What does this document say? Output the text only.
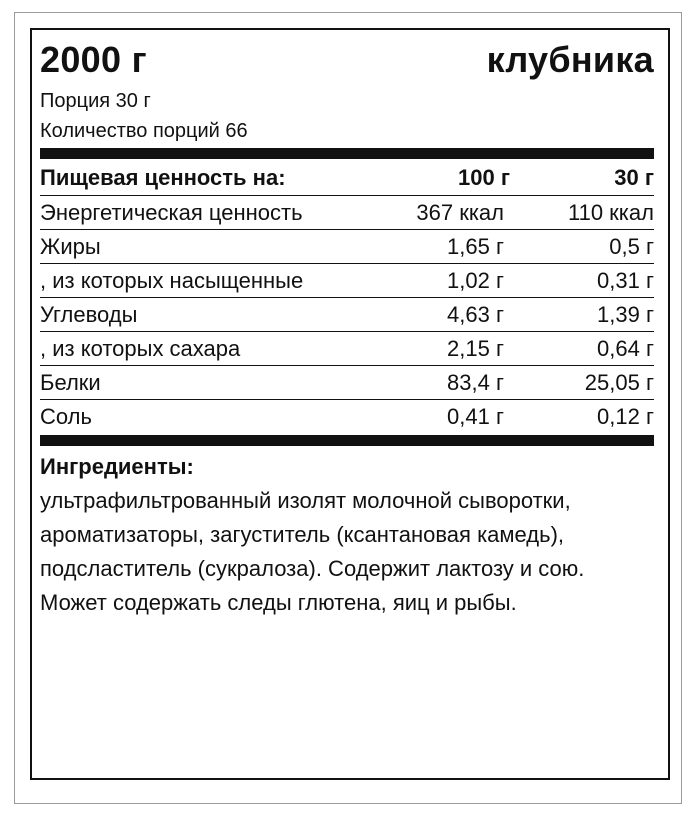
2000 г	клубника
Порция 30 г
Количество порций 66
Пищевая ценность на:	100 г	30 г
Энергетическая ценность	367 ккал	110 ккал
Жиры	1,65 г	0,5 г
, из которых насыщенные	1,02 г	0,31 г
Углеводы	4,63 г	1,39 г
, из которых сахара	2,15 г	0,64 г
Белки	83,4 г	25,05 г
Соль	0,41 г	0,12 г
Ингредиенты:
ультрафильтрованный изолят молочной сыворотки, ароматизаторы, загуститель (ксантановая камедь), подсластитель (сукралоза). Содержит лактозу и сою. Может содержать следы глютена, яиц и рыбы.
